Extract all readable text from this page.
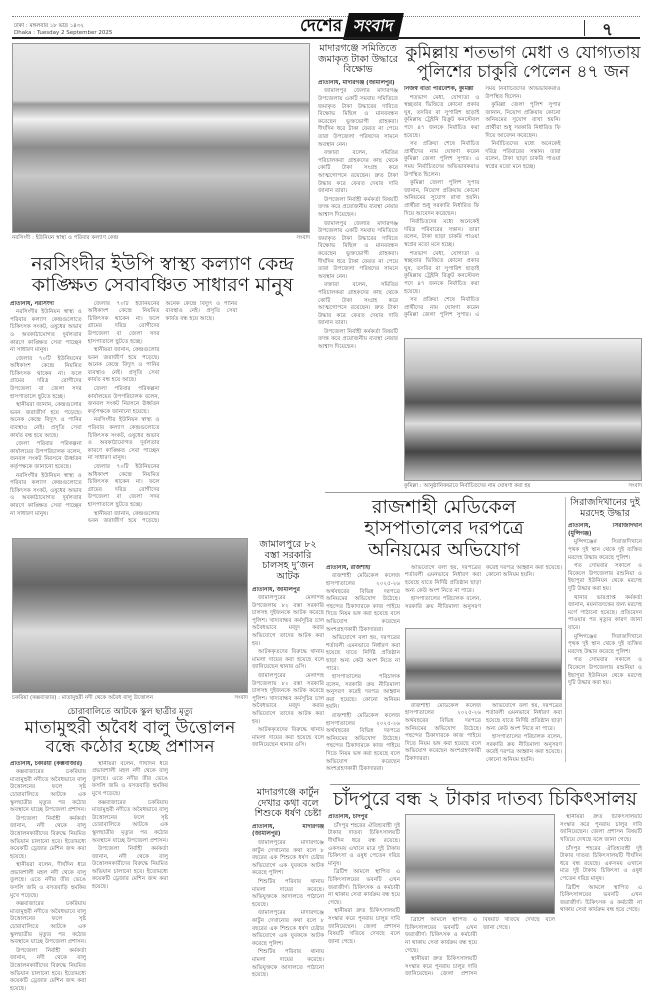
ঢাকা : মঙ্গলবার ১৮ ভাদ্র ১৪৩২
Dhaka : Tuesday 2 September 2025	দেশের সংবাদ	৭
নরসিংদী : ইউনিয়ন স্বাস্থ্য ও পরিবার কল্যাণ কেন্দ্র	সংবাদ
মাদারগঞ্জে সমিতিতে জমাকৃত টাকা উদ্ধারে বিক্ষোভ

প্রতিনিধি, মাদারগঞ্জ (জামালপুর)

জামালপুর জেলার মাদারগঞ্জ উপজেলায় একটি সমবায় সমিতিতে জমাকৃত টাকা উদ্ধারের দাবিতে বিক্ষোভ মিছিল ও মানববন্ধন করেছেন ভুক্তভোগী গ্রাহকরা। দীর্ঘদিন ধরে টাকা ফেরত না পেয়ে তারা উপজেলা পরিষদের সামনে অবস্থান নেন।

বক্তারা বলেন, সমিতির পরিচালকরা গ্রাহকদের কাছ থেকে কোটি টাকা সংগ্রহ করে আত্মগোপনে রয়েছেন। দ্রুত টাকা উদ্ধার করে ফেরত দেয়ার দাবি জানান তারা।

উপজেলা নির্বাহী কর্মকর্তা বিষয়টি তদন্ত করে প্রয়োজনীয় ব্যবস্থা নেয়ার আশ্বাস দিয়েছেন।

জামালপুর জেলার মাদারগঞ্জ উপজেলায় একটি সমবায় সমিতিতে জমাকৃত টাকা উদ্ধারের দাবিতে বিক্ষোভ মিছিল ও মানববন্ধন করেছেন ভুক্তভোগী গ্রাহকরা। দীর্ঘদিন ধরে টাকা ফেরত না পেয়ে তারা উপজেলা পরিষদের সামনে অবস্থান নেন।

বক্তারা বলেন, সমিতির পরিচালকরা গ্রাহকদের কাছ থেকে কোটি টাকা সংগ্রহ করে আত্মগোপনে রয়েছেন। দ্রুত টাকা উদ্ধার করে ফেরত দেয়ার দাবি জানান তারা।

উপজেলা নির্বাহী কর্মকর্তা বিষয়টি তদন্ত করে প্রয়োজনীয় ব্যবস্থা নেয়ার আশ্বাস দিয়েছেন।

কুমিল্লায় শতভাগ মেধা ও যোগ্যতায় পুলিশের চাকুরি পেলেন ৪৭ জন

নিজস্ব বার্তা পরিবেশক, কুমিল্লা

শতভাগ মেধা, যোগ্যতা ও স্বচ্ছতার ভিত্তিতে কোনো প্রকার ঘুষ, তদবির বা সুপারিশ ছাড়াই কুমিল্লায় ট্রেইনি রিক্রুট কনস্টেবল পদে ৪৭ জনকে নির্বাচিত করা হয়েছে।

সব প্রক্রিয়া শেষে নির্বাচিত প্রার্থীদের নাম ঘোষণা করেন কুমিল্লা জেলা পুলিশ সুপার। এ সময় নির্বাচিতদের অভিভাবকরাও উপস্থিত ছিলেন।

কুমিল্লা জেলা পুলিশ সুপার জানান, নিয়োগ প্রক্রিয়ায় কোনো অনিয়মের সুযোগ রাখা হয়নি। প্রার্থীরা শুধু সরকারি নির্ধারিত ফি দিয়ে আবেদন করেছেন।

নির্বাচিতদের মধ্যে অনেকেই দরিদ্র পরিবারের সন্তান। তারা বলেন, টাকা ছাড়া চাকরি পাওয়া স্বপ্নের মতো মনে হচ্ছে।

শতভাগ মেধা, যোগ্যতা ও স্বচ্ছতার ভিত্তিতে কোনো প্রকার ঘুষ, তদবির বা সুপারিশ ছাড়াই কুমিল্লায় ট্রেইনি রিক্রুট কনস্টেবল পদে ৪৭ জনকে নির্বাচিত করা হয়েছে।

সব প্রক্রিয়া শেষে নির্বাচিত প্রার্থীদের নাম ঘোষণা করেন কুমিল্লা জেলা পুলিশ সুপার। এ সময় নির্বাচিতদের অভিভাবকরাও উপস্থিত ছিলেন।

কুমিল্লা জেলা পুলিশ সুপার জানান, নিয়োগ প্রক্রিয়ায় কোনো অনিয়মের সুযোগ রাখা হয়নি। প্রার্থীরা শুধু সরকারি নির্ধারিত ফি দিয়ে আবেদন করেছেন।

নির্বাচিতদের মধ্যে অনেকেই দরিদ্র পরিবারের সন্তান। তারা বলেন, টাকা ছাড়া চাকরি পাওয়া স্বপ্নের মতো মনে হচ্ছে।

কুমিল্লা : আনুষ্ঠানিকভাবে নির্বাচিতদের নাম ঘোষণা করা হয়	সংবাদ
নরসিংদীর ইউপি স্বাস্থ্য কল্যাণ কেন্দ্র কাঙ্ক্ষিত সেবাবঞ্চিত সাধারণ মানুষ

প্রতিনিধি, নরসিংদী

নরসিংদীর ইউনিয়ন স্বাস্থ্য ও পরিবার কল্যাণ কেন্দ্রগুলোতে চিকিৎসক সংকট, ওষুধের অভাব ও অবকাঠামোগত দুর্বলতার কারণে কাঙ্ক্ষিত সেবা পাচ্ছেন না সাধারণ মানুষ।

জেলার ৭০টি ইউনিয়নের অধিকাংশ কেন্দ্রে নিয়মিত চিকিৎসক থাকেন না। ফলে গ্রামের দরিদ্র রোগীদের উপজেলা বা জেলা সদর হাসপাতালে ছুটতে হচ্ছে।

স্থানীয়রা জানান, কেন্দ্রগুলোর ভবন জরাজীর্ণ হয়ে পড়েছে। অনেক কেন্দ্রে বিদ্যুৎ ও পানির ব্যবস্থাও নেই। প্রসূতি সেবা কার্যত বন্ধ হয়ে আছে।

জেলা পরিবার পরিকল্পনা কার্যালয়ের উপপরিচালক বলেন, জনবল সংকট নিরসনে ঊর্ধ্বতন কর্তৃপক্ষকে জানানো হয়েছে।

নরসিংদীর ইউনিয়ন স্বাস্থ্য ও পরিবার কল্যাণ কেন্দ্রগুলোতে চিকিৎসক সংকট, ওষুধের অভাব ও অবকাঠামোগত দুর্বলতার কারণে কাঙ্ক্ষিত সেবা পাচ্ছেন না সাধারণ মানুষ।

জেলার ৭০টি ইউনিয়নের অধিকাংশ কেন্দ্রে নিয়মিত চিকিৎসক থাকেন না। ফলে গ্রামের দরিদ্র রোগীদের উপজেলা বা জেলা সদর হাসপাতালে ছুটতে হচ্ছে।

স্থানীয়রা জানান, কেন্দ্রগুলোর ভবন জরাজীর্ণ হয়ে পড়েছে। অনেক কেন্দ্রে বিদ্যুৎ ও পানির ব্যবস্থাও নেই। প্রসূতি সেবা কার্যত বন্ধ হয়ে আছে।

জেলা পরিবার পরিকল্পনা কার্যালয়ের উপপরিচালক বলেন, জনবল সংকট নিরসনে ঊর্ধ্বতন কর্তৃপক্ষকে জানানো হয়েছে।

নরসিংদীর ইউনিয়ন স্বাস্থ্য ও পরিবার কল্যাণ কেন্দ্রগুলোতে চিকিৎসক সংকট, ওষুধের অভাব ও অবকাঠামোগত দুর্বলতার কারণে কাঙ্ক্ষিত সেবা পাচ্ছেন না সাধারণ মানুষ।

জেলার ৭০টি ইউনিয়নের অধিকাংশ কেন্দ্রে নিয়মিত চিকিৎসক থাকেন না। ফলে গ্রামের দরিদ্র রোগীদের উপজেলা বা জেলা সদর হাসপাতালে ছুটতে হচ্ছে।

স্থানীয়রা জানান, কেন্দ্রগুলোর ভবন জরাজীর্ণ হয়ে পড়েছে। অনেক কেন্দ্রে বিদ্যুৎ ও পানির ব্যবস্থাও নেই। প্রসূতি সেবা কার্যত বন্ধ হয়ে আছে।

রাজশাহী মেডিকেল হাসপাতালের দরপত্রে অনিয়মের অভিযোগ

প্রতিনিধি, রাজশাহী

রাজশাহী মেডিকেল কলেজ হাসপাতালের ২০২৫-২৬ অর্থবছরের বিভিন্ন দরপত্রে অনিয়মের অভিযোগ উঠেছে। পছন্দের ঠিকাদারকে কাজ পাইয়ে দিতে নিয়ম ভঙ্গ করা হয়েছে বলে অভিযোগ করেছেন অংশগ্রহণকারী ঠিকাদাররা।

অভিযোগে বলা হয়, দরপত্রের শর্তাবলী এমনভাবে নির্ধারণ করা হয়েছে যাতে নির্দিষ্ট প্রতিষ্ঠান ছাড়া অন্য কেউ অংশ নিতে না পারে।

হাসপাতালের পরিচালক বলেন, সরকারি ক্রয় নীতিমালা অনুসরণ করেই দরপত্র আহ্বান করা হয়েছে। কোনো অনিয়ম হয়নি।

রাজশাহী মেডিকেল কলেজ হাসপাতালের ২০২৫-২৬ অর্থবছরের বিভিন্ন দরপত্রে অনিয়মের অভিযোগ উঠেছে। পছন্দের ঠিকাদারকে কাজ পাইয়ে দিতে নিয়ম ভঙ্গ করা হয়েছে বলে অভিযোগ করেছেন অংশগ্রহণকারী ঠিকাদাররা।

অভিযোগে বলা হয়, দরপত্রের শর্তাবলী এমনভাবে নির্ধারণ করা হয়েছে যাতে নির্দিষ্ট প্রতিষ্ঠান ছাড়া অন্য কেউ অংশ নিতে না পারে।

হাসপাতালের পরিচালক বলেন, সরকারি ক্রয় নীতিমালা অনুসরণ করেই দরপত্র আহ্বান করা হয়েছে। কোনো অনিয়ম হয়নি।

রাজশাহী মেডিকেল কলেজ হাসপাতালের ২০২৫-২৬ অর্থবছরের বিভিন্ন দরপত্রে অনিয়মের অভিযোগ উঠেছে। পছন্দের ঠিকাদারকে কাজ পাইয়ে দিতে নিয়ম ভঙ্গ করা হয়েছে বলে অভিযোগ করেছেন অংশগ্রহণকারী ঠিকাদাররা।

অভিযোগে বলা হয়, দরপত্রের শর্তাবলী এমনভাবে নির্ধারণ করা হয়েছে যাতে নির্দিষ্ট প্রতিষ্ঠান ছাড়া অন্য কেউ অংশ নিতে না পারে।

হাসপাতালের পরিচালক বলেন, সরকারি ক্রয় নীতিমালা অনুসরণ করেই দরপত্র আহ্বান করা হয়েছে। কোনো অনিয়ম হয়নি।

সিরাজদিখানের দুই মরদেহ উদ্ধার

প্রতিনিধি, সিরাজদিখান (মুন্সিগঞ্জ)

মুন্সিগঞ্জের সিরাজদিখানে পৃথক দুই স্থান থেকে দুই ব্যক্তির মরদেহ উদ্ধার করেছে পুলিশ।

গত সোমবার সকালে ও বিকেলে উপজেলার রশুনিয়া ও ইছাপুরা ইউনিয়ন থেকে মরদেহ দুটি উদ্ধার করা হয়।

থানার ভারপ্রাপ্ত কর্মকর্তা জানান, ময়নাতদন্তের জন্য মরদেহ মর্গে পাঠানো হয়েছে। প্রতিবেদন পাওয়ার পর মৃত্যুর কারণ জানা যাবে।

মুন্সিগঞ্জের সিরাজদিখানে পৃথক দুই স্থান থেকে দুই ব্যক্তির মরদেহ উদ্ধার করেছে পুলিশ।

গত সোমবার সকালে ও বিকেলে উপজেলার রশুনিয়া ও ইছাপুরা ইউনিয়ন থেকে মরদেহ দুটি উদ্ধার করা হয়।

চকরিয়া (কক্সবাজার) : মাতামুহুরী নদী থেকে অবৈধ বালু উত্তোলন	সংবাদ
জামালপুরে ৮২ বস্তা সরকারি চালসহ দু’জন আটক

প্রতিনিধি, জামালপুর

জামালপুরের মেলান্দহ উপজেলায় ৮২ বস্তা সরকারি চালসহ দুইজনকে আটক করেছে পুলিশ। খাদ্যবান্ধব কর্মসূচির চাল অবৈধভাবে মজুদ করার অভিযোগে তাদের আটক করা হয়।

আটককৃতদের বিরুদ্ধে থানায় মামলা দায়ের করা হয়েছে বলে জানিয়েছেন থানার ওসি।

জামালপুরের মেলান্দহ উপজেলায় ৮২ বস্তা সরকারি চালসহ দুইজনকে আটক করেছে পুলিশ। খাদ্যবান্ধব কর্মসূচির চাল অবৈধভাবে মজুদ করার অভিযোগে তাদের আটক করা হয়।

আটককৃতদের বিরুদ্ধে থানায় মামলা দায়ের করা হয়েছে বলে জানিয়েছেন থানার ওসি।

চোরাবালিতে আটকে স্কুল ছাত্রীর মৃত্যু
মাতামুহুরী অবৈধ বালু উত্তোলন বন্ধে কঠোর হচ্ছে প্রশাসন

প্রতিনিধি, চকরিয়া (কক্সবাজার)

কক্সবাজারের চকরিয়ায় মাতামুহুরী নদীতে অবৈধভাবে বালু উত্তোলনের ফলে সৃষ্ট চোরাবালিতে আটকে এক স্কুলছাত্রীর মৃত্যুর পর কঠোর অবস্থানে যাচ্ছে উপজেলা প্রশাসন।

উপজেলা নির্বাহী কর্মকর্তা জানান, নদী থেকে বালু উত্তোলনকারীদের বিরুদ্ধে নিয়মিত অভিযান চালানো হবে। ইতোমধ্যে কয়েকটি ড্রেজার মেশিন জব্দ করা হয়েছে।

স্থানীয়রা বলেন, দীর্ঘদিন ধরে প্রভাবশালী মহল নদী থেকে বালু তুলছে। এতে নদীর তীর ভেঙে ফসলি জমি ও বসতবাড়ি হুমকির মুখে পড়েছে।

কক্সবাজারের চকরিয়ায় মাতামুহুরী নদীতে অবৈধভাবে বালু উত্তোলনের ফলে সৃষ্ট চোরাবালিতে আটকে এক স্কুলছাত্রীর মৃত্যুর পর কঠোর অবস্থানে যাচ্ছে উপজেলা প্রশাসন।

উপজেলা নির্বাহী কর্মকর্তা জানান, নদী থেকে বালু উত্তোলনকারীদের বিরুদ্ধে নিয়মিত অভিযান চালানো হবে। ইতোমধ্যে কয়েকটি ড্রেজার মেশিন জব্দ করা হয়েছে।

স্থানীয়রা বলেন, দীর্ঘদিন ধরে প্রভাবশালী মহল নদী থেকে বালু তুলছে। এতে নদীর তীর ভেঙে ফসলি জমি ও বসতবাড়ি হুমকির মুখে পড়েছে।

কক্সবাজারের চকরিয়ায় মাতামুহুরী নদীতে অবৈধভাবে বালু উত্তোলনের ফলে সৃষ্ট চোরাবালিতে আটকে এক স্কুলছাত্রীর মৃত্যুর পর কঠোর অবস্থানে যাচ্ছে উপজেলা প্রশাসন।

উপজেলা নির্বাহী কর্মকর্তা জানান, নদী থেকে বালু উত্তোলনকারীদের বিরুদ্ধে নিয়মিত অভিযান চালানো হবে। ইতোমধ্যে কয়েকটি ড্রেজার মেশিন জব্দ করা হয়েছে।

মাদারগঞ্জে কার্টুন দেখার কথা বলে শিশুকে ধর্ষণ চেষ্টা

প্রতিনিধি, মাদারগঞ্জ (জামালপুর)

জামালপুরের মাদারগঞ্জে কার্টুন দেখানোর কথা বলে ৮ বছরের এক শিশুকে ধর্ষণ চেষ্টার অভিযোগে এক যুবককে আটক করেছে পুলিশ।

শিশুটির পরিবার থানায় মামলা দায়ের করেছে। অভিযুক্তকে আদালতে পাঠানো হয়েছে।

জামালপুরের মাদারগঞ্জে কার্টুন দেখানোর কথা বলে ৮ বছরের এক শিশুকে ধর্ষণ চেষ্টার অভিযোগে এক যুবককে আটক করেছে পুলিশ।

শিশুটির পরিবার থানায় মামলা দায়ের করেছে। অভিযুক্তকে আদালতে পাঠানো হয়েছে।

চাঁদপুরে বন্ধ ২ টাকার দাতব্য চিকিৎসালয়

প্রতিনিধি, চাঁদপুর

চাঁদপুর শহরের ঐতিহ্যবাহী দুই টাকার দাতব্য চিকিৎসালয়টি দীর্ঘদিন ধরে বন্ধ রয়েছে। একসময় এখানে মাত্র দুই টাকায় চিকিৎসা ও ওষুধ পেতেন দরিদ্র মানুষ।

ব্রিটিশ আমলে স্থাপিত এ চিকিৎসালয়ের ভবনটি এখন জরাজীর্ণ। চিকিৎসক ও কর্মচারী না থাকায় সেবা কার্যক্রম বন্ধ হয়ে গেছে।

স্থানীয়রা দ্রুত চিকিৎসালয়টি সংস্কার করে পুনরায় চালুর দাবি জানিয়েছেন। জেলা প্রশাসন বিষয়টি খতিয়ে দেখছে বলে জানা গেছে।

ব্রিটিশ আমলে স্থাপিত এ চিকিৎসালয়ের ভবনটি এখন জরাজীর্ণ। চিকিৎসক ও কর্মচারী না থাকায় সেবা কার্যক্রম বন্ধ হয়ে গেছে।

স্থানীয়রা দ্রুত চিকিৎসালয়টি সংস্কার করে পুনরায় চালুর দাবি জানিয়েছেন। জেলা প্রশাসন বিষয়টি খতিয়ে দেখছে বলে জানা গেছে।

স্থানীয়রা দ্রুত চিকিৎসালয়টি সংস্কার করে পুনরায় চালুর দাবি জানিয়েছেন। জেলা প্রশাসন বিষয়টি খতিয়ে দেখছে বলে জানা গেছে।

চাঁদপুর শহরের ঐতিহ্যবাহী দুই টাকার দাতব্য চিকিৎসালয়টি দীর্ঘদিন ধরে বন্ধ রয়েছে। একসময় এখানে মাত্র দুই টাকায় চিকিৎসা ও ওষুধ পেতেন দরিদ্র মানুষ।

ব্রিটিশ আমলে স্থাপিত এ চিকিৎসালয়ের ভবনটি এখন জরাজীর্ণ। চিকিৎসক ও কর্মচারী না থাকায় সেবা কার্যক্রম বন্ধ হয়ে গেছে।
